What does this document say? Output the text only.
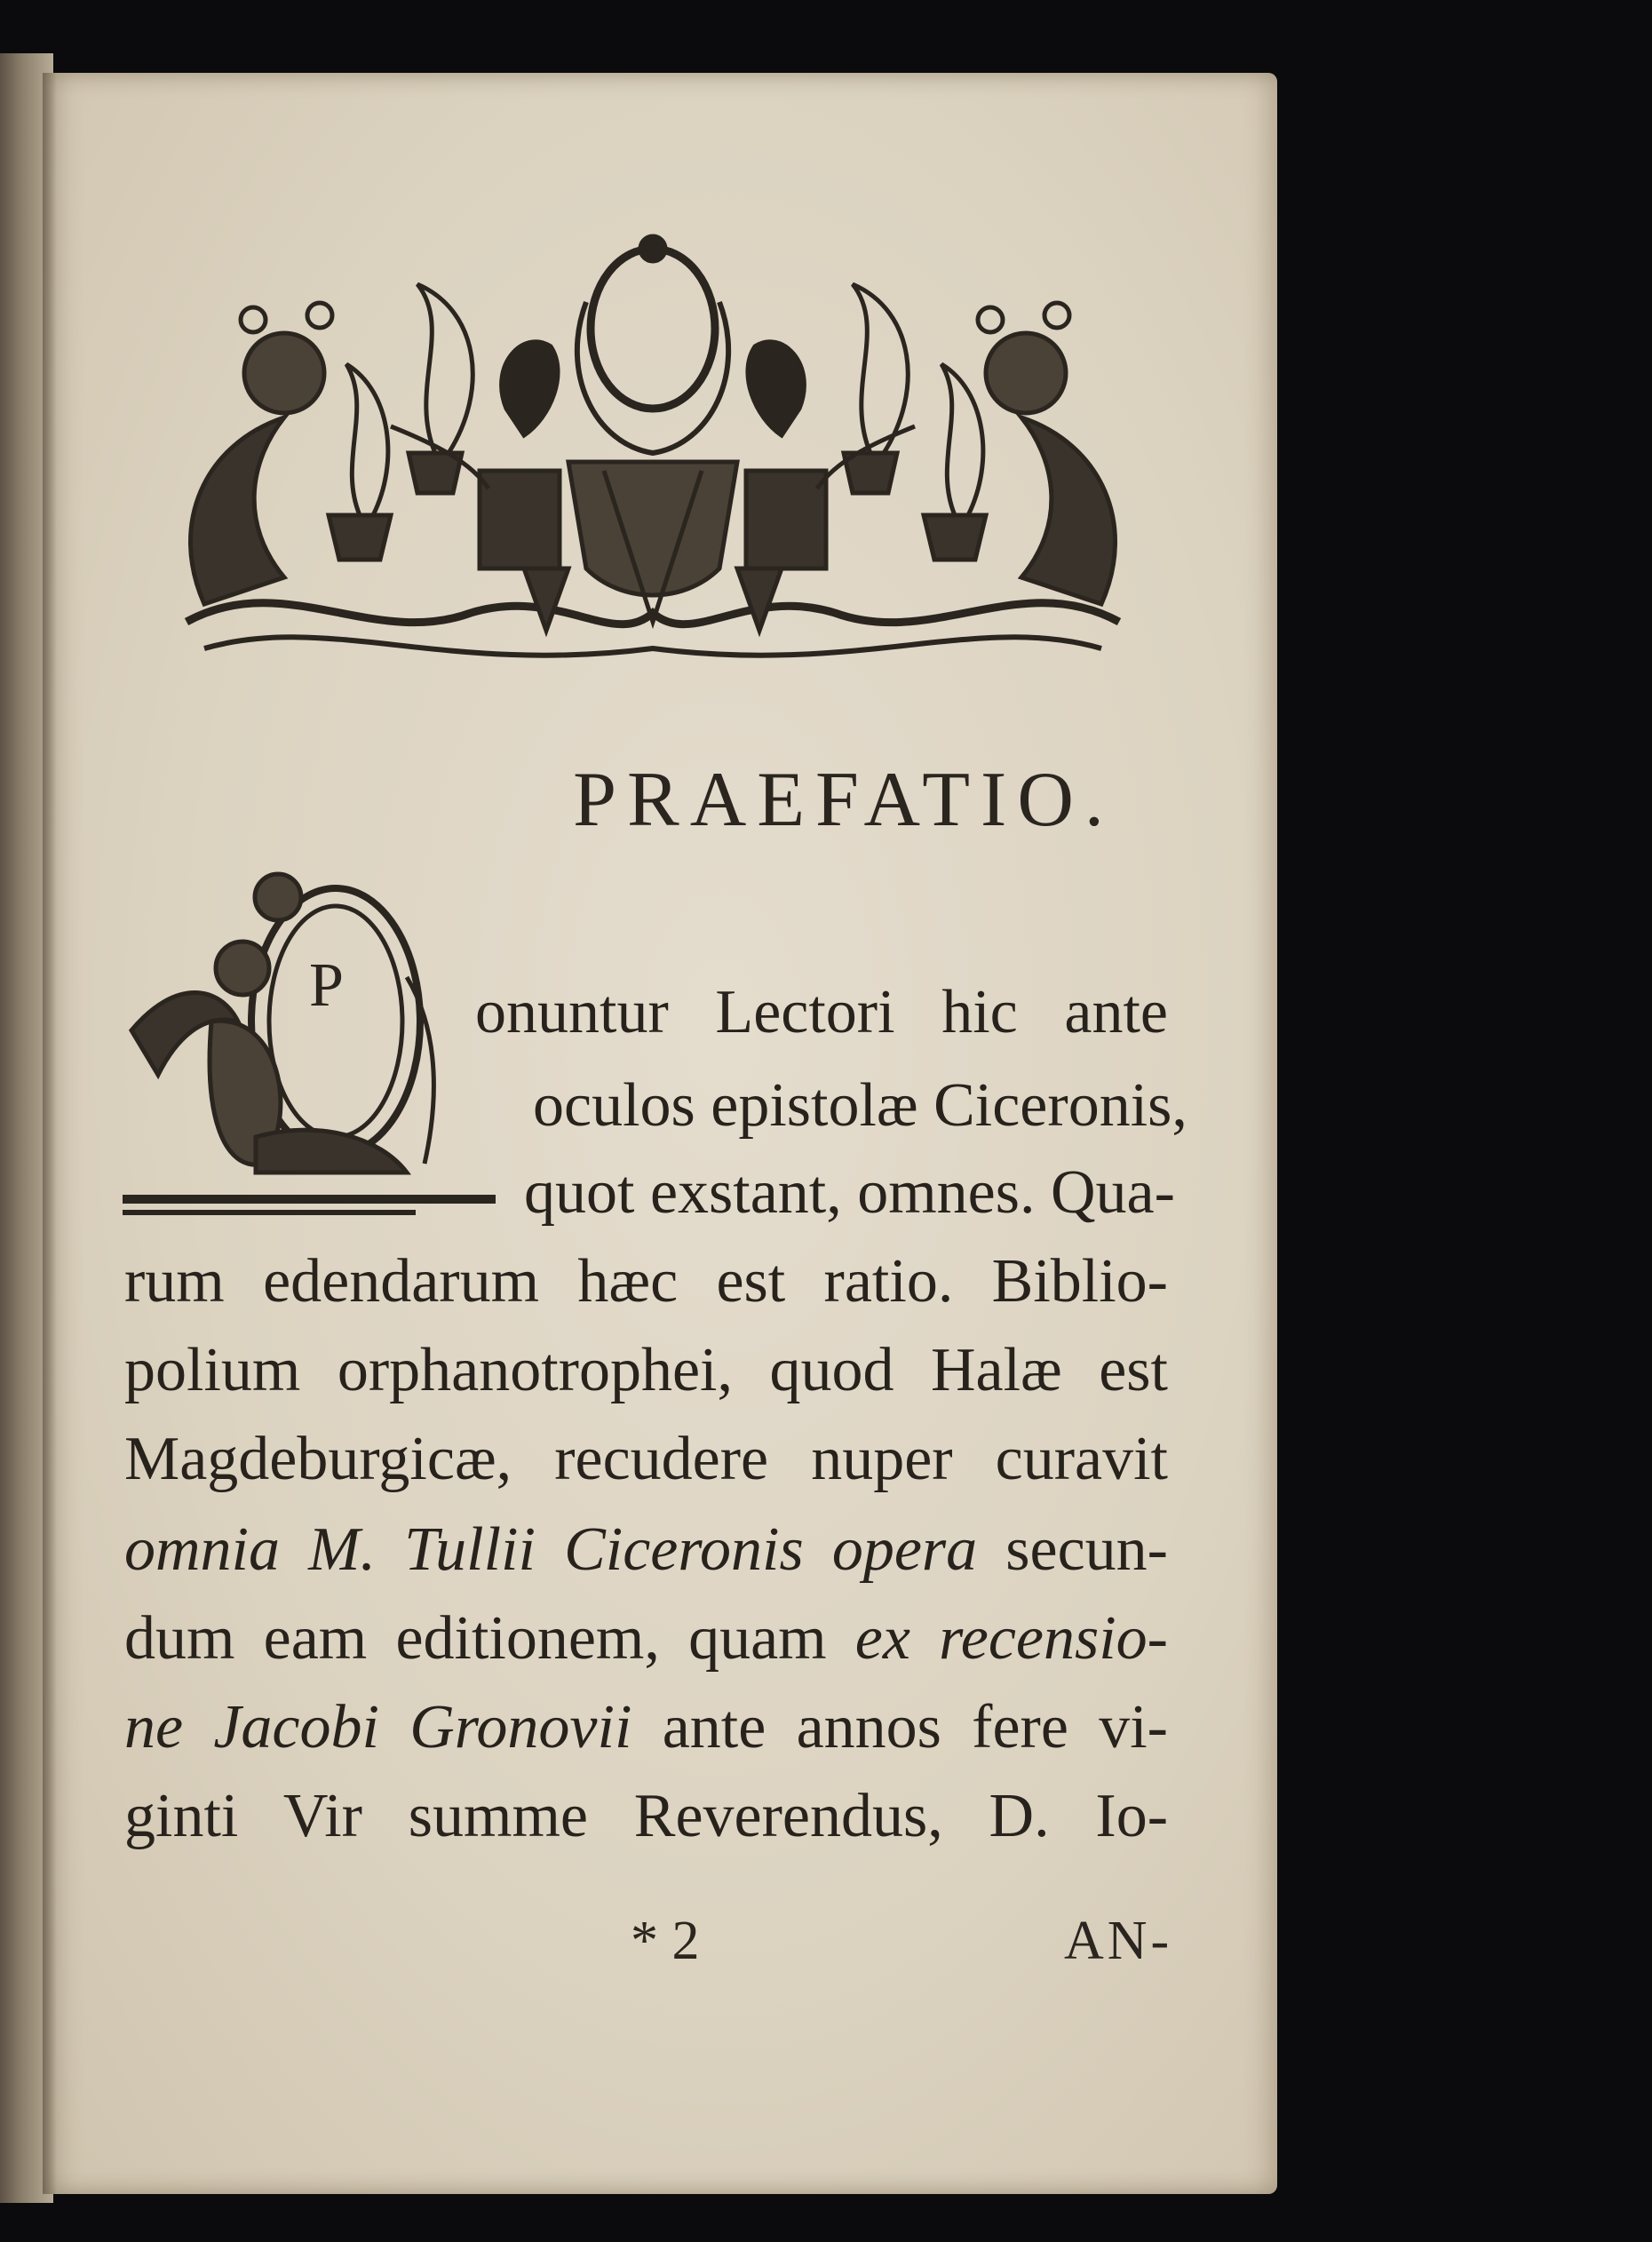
PRAEFATIO.
P onuntur Lectori hic ante
oculos epistolæ Ciceronis,
quot exstant, omnes. Qua-
rum edendarum hæc est ratio. Biblio-
polium orphanotrophei, quod Halæ est
Magdeburgicæ, recudere nuper curavit
omnia M. Tullii Ciceronis opera secun-
dum eam editionem, quam ex recensio-
ne Jacobi Gronovii ante annos fere vi-
ginti Vir summe Reverendus, D. Io-
* 2	AN-
